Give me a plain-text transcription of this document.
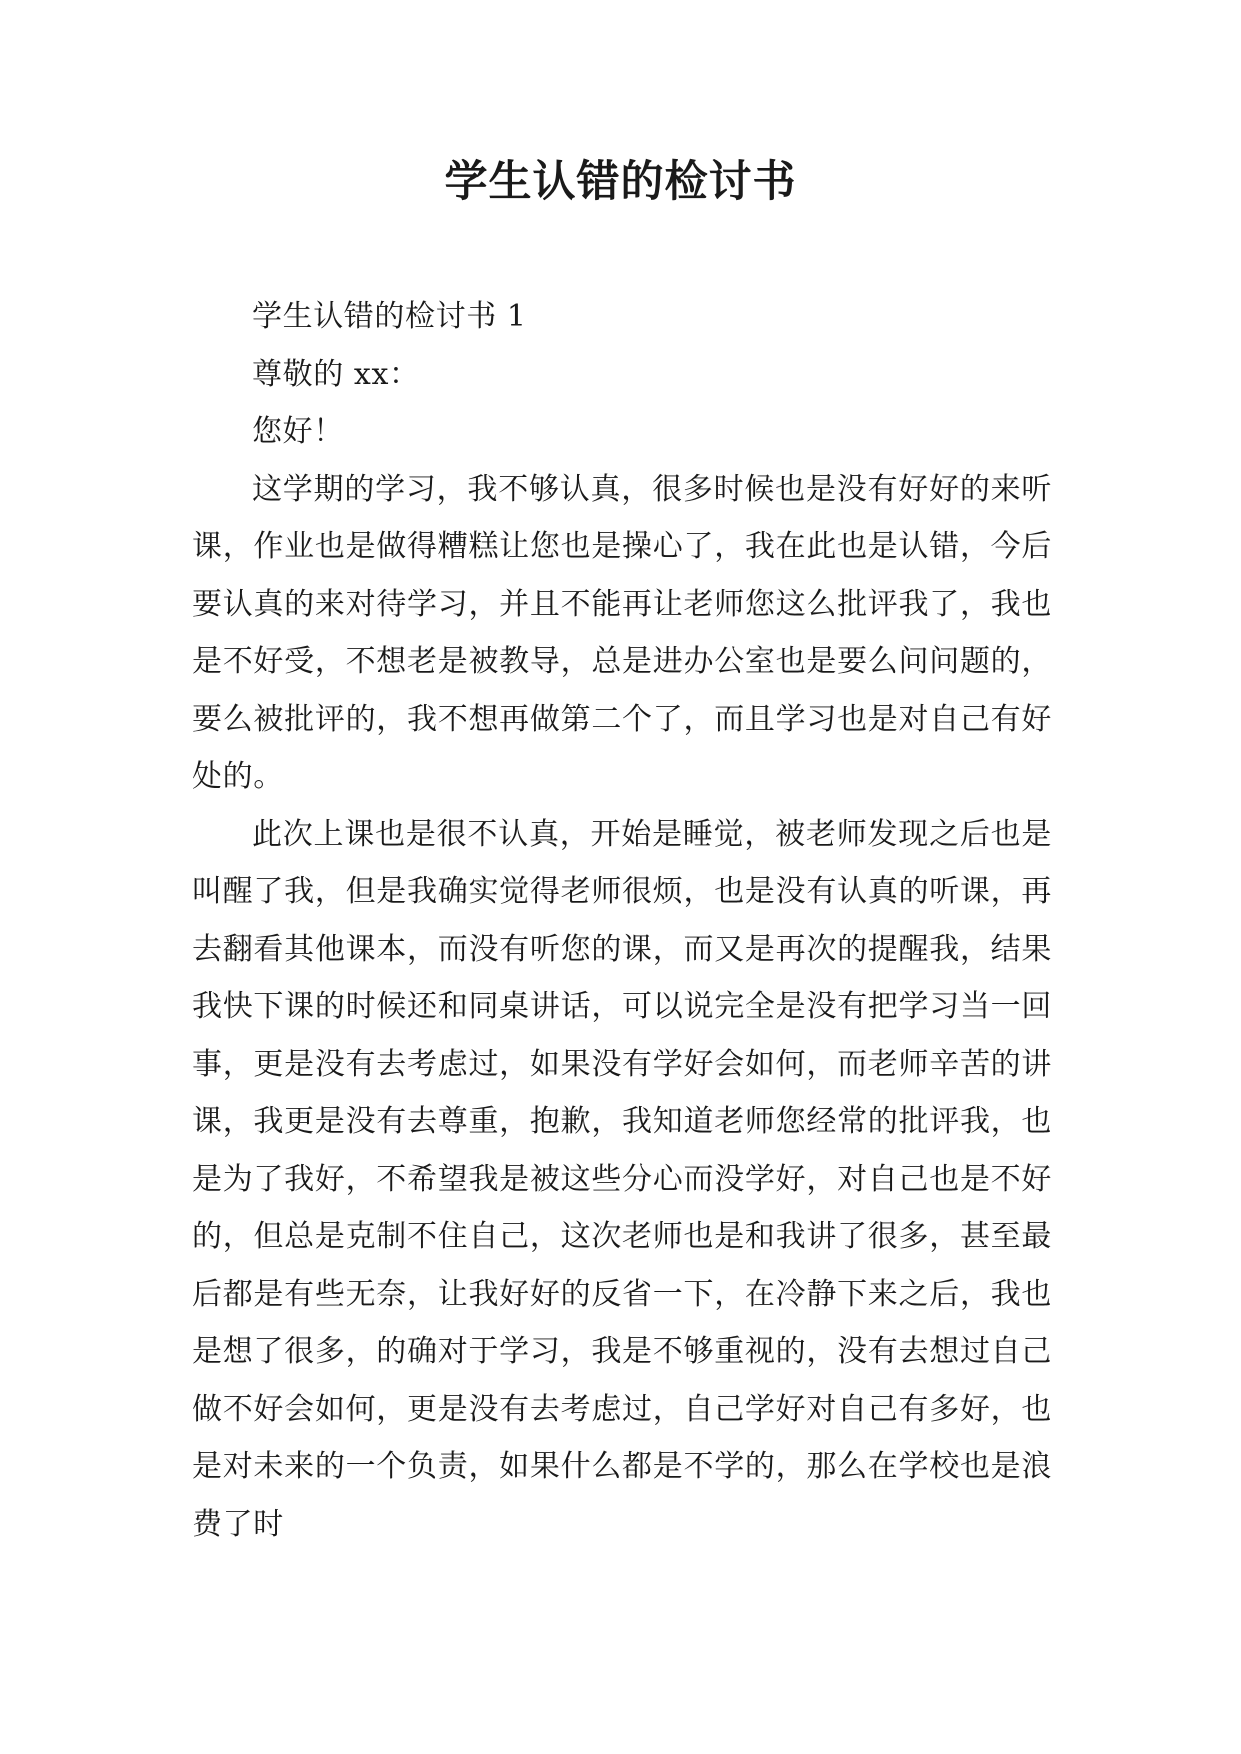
学生认错的检讨书

学生认错的检讨书 1

尊敬的 xx：

您好！

这学期的学习，我不够认真，很多时候也是没有好好的来听课，作业也是做得糟糕让您也是操心了，我在此也是认错，今后要认真的来对待学习，并且不能再让老师您这么批评我了，我也是不好受，不想老是被教导，总是进办公室也是要么问问题的，要么被批评的，我不想再做第二个了，而且学习也是对自己有好处的。

此次上课也是很不认真，开始是睡觉，被老师发现之后也是叫醒了我，但是我确实觉得老师很烦，也是没有认真的听课，再去翻看其他课本，而没有听您的课，而又是再次的提醒我，结果我快下课的时候还和同桌讲话，可以说完全是没有把学习当一回事，更是没有去考虑过，如果没有学好会如何，而老师辛苦的讲课，我更是没有去尊重，抱歉，我知道老师您经常的批评我，也是为了我好，不希望我是被这些分心而没学好，对自己也是不好的，但总是克制不住自己，这次老师也是和我讲了很多，甚至最后都是有些无奈，让我好好的反省一下，在冷静下来之后，我也是想了很多，的确对于学习，我是不够重视的，没有去想过自己做不好会如何，更是没有去考虑过，自己学好对自己有多好，也是对未来的一个负责，如果什么都是不学的，那么在学校也是浪费了时
